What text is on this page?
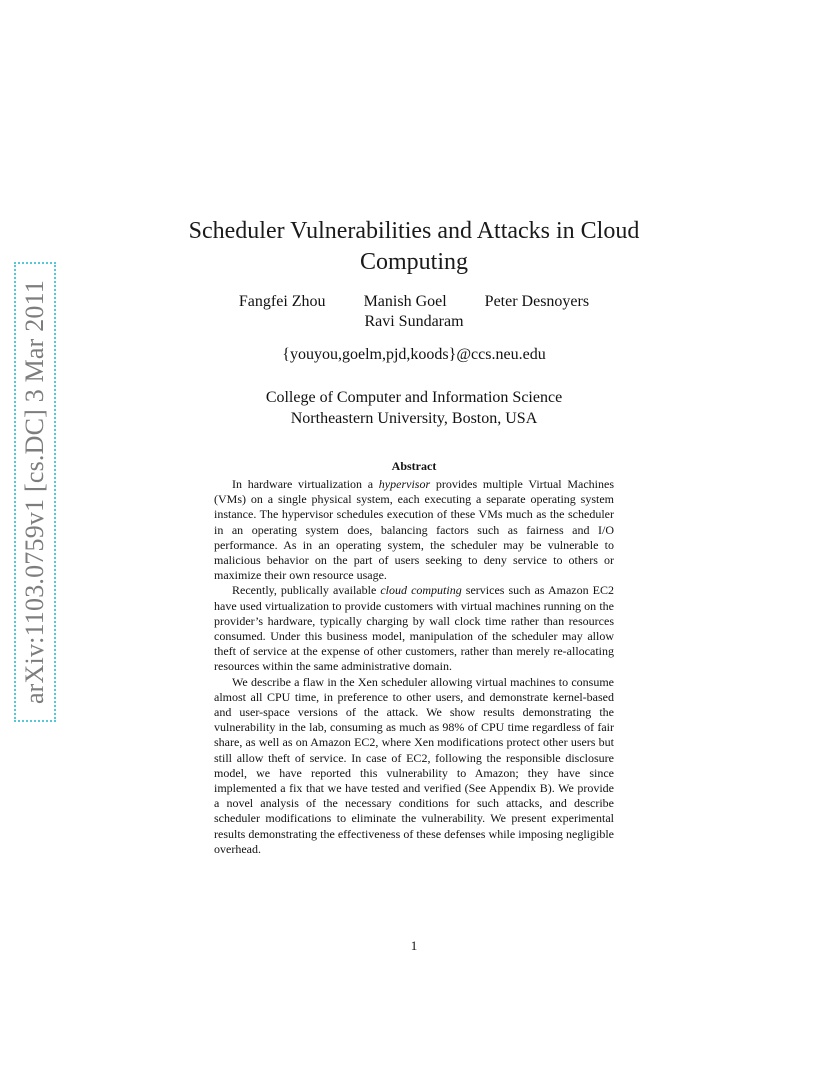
arXiv:1103.0759v1 [cs.DC] 3 Mar 2011
Scheduler Vulnerabilities and Attacks in Cloud
Computing
Fangfei Zhou Manish Goel Peter Desnoyers
Ravi Sundaram
{youyou,goelm,pjd,koods}@ccs.neu.edu
College of Computer and Information Science
Northeastern University, Boston, USA
Abstract

In hardware virtualization a hypervisor provides multiple Virtual Machines (VMs) on a single physical system, each executing a separate operating system instance. The hypervisor schedules execution of these VMs much as the scheduler in an operating system does, balancing factors such as fairness and I/O performance. As in an operating system, the scheduler may be vulnerable to malicious behavior on the part of users seeking to deny service to others or maximize their own resource usage.

Recently, publically available cloud computing services such as Amazon EC2 have used virtualization to provide customers with virtual machines running on the provider’s hardware, typically charging by wall clock time rather than resources consumed. Under this business model, manipulation of the scheduler may allow theft of service at the expense of other customers, rather than merely re-allocating resources within the same administrative domain.

We describe a flaw in the Xen scheduler allowing virtual machines to consume almost all CPU time, in preference to other users, and demonstrate kernel-based and user-space versions of the attack. We show results demonstrating the vulnerability in the lab, consuming as much as 98% of CPU time regardless of fair share, as well as on Amazon EC2, where Xen modifications protect other users but still allow theft of service. In case of EC2, following the responsible disclosure model, we have reported this vulnerability to Amazon; they have since implemented a fix that we have tested and verified (See Appendix B). We provide a novel analysis of the necessary conditions for such attacks, and describe scheduler modifications to eliminate the vulnerability. We present experimental results demonstrating the effectiveness of these defenses while imposing negligible overhead.

1
